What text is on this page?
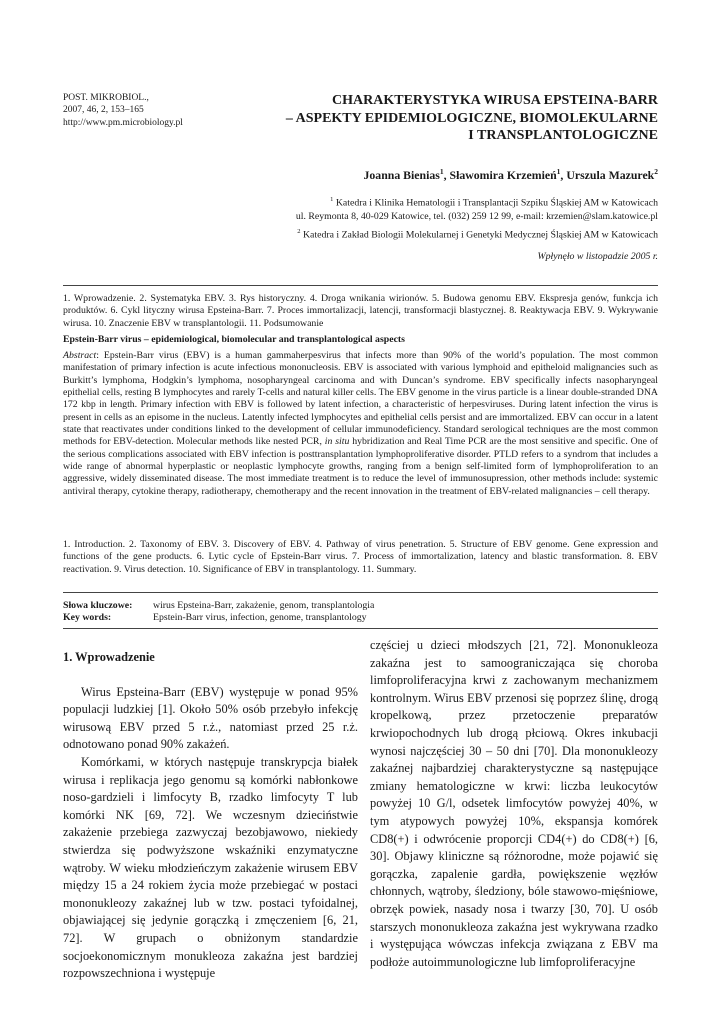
POST. MIKROBIOL.,
2007, 46, 2, 153–165
http://www.pm.microbiology.pl
CHARAKTERYSTYKA WIRUSA EPSTEINA-BARR
– ASPEKTY EPIDEMIOLOGICZNE, BIOMOLEKULARNE
I TRANSPLANTOLOGICZNE
Joanna Bienias$^1$, Sławomira Krzemień$^1$, Urszula Mazurek$^2$
$^1$ Katedra i Klinika Hematologii i Transplantacji Szpiku Śląskiej AM w Katowicach
ul. Reymonta 8, 40-029 Katowice, tel. (032) 259 12 99, e-mail: krzemien@slam.katowice.pl
$^2$ Katedra i Zakład Biologii Molekularnej i Genetyki Medycznej Śląskiej AM w Katowicach
Wpłynęło w listopadzie 2005 r.
1. Wprowadzenie. 2. Systematyka EBV. 3. Rys historyczny. 4. Droga wnikania wirionów. 5. Budowa genomu EBV. Ekspresja genów, funkcja ich produktów. 6. Cykl lityczny wirusa Epsteina-Barr. 7. Proces immortalizacji, latencji, transformacji blastycznej. 8. Reaktywacja EBV. 9. Wykrywanie wirusa. 10. Znaczenie EBV w transplantologii. 11. Podsumowanie
Epstein-Barr virus – epidemiological, biomolecular and transplantological aspects
Abstract: Epstein-Barr virus (EBV) is a human gammaherpesvirus that infects more than 90% of the world’s population. The most common manifestation of primary infection is acute infectious mononucleosis. EBV is associated with various lymphoid and epitheloid malignancies such as Burkitt’s lymphoma, Hodgkin’s lymphoma, nosopharyngeal carcinoma and with Duncan’s syndrome. EBV specifically infects nasopharyngeal epithelial cells, resting B lymphocytes and rarely T-cells and natural killer cells. The EBV genome in the virus particle is a linear double-stranded DNA 172 kbp in length. Primary infection with EBV is followed by latent infection, a characteristic of herpesviruses. During latent infection the virus is present in cells as an episome in the nucleus. Latently infected lymphocytes and epithelial cells persist and are immortalized. EBV can occur in a latent state that reactivates under conditions linked to the development of cellular immunodeficiency. Standard serological techniques are the most common methods for EBV-detection. Molecular methods like nested PCR, in situ hybridization and Real Time PCR are the most sensitive and specific. One of the serious complications associated with EBV infection is posttransplantation lymphoproliferative disorder. PTLD refers to a syndrom that includes a wide range of abnormal hyperplastic or neoplastic lymphocyte growths, ranging from a benign self-limited form of lymphoproliferation to an aggressive, widely disseminated disease. The most immediate treatment is to reduce the level of immunosupression, other methods include: systemic antiviral therapy, cytokine therapy, radiotherapy, chemotherapy and the recent innovation in the treatment of EBV-related malignancies – cell therapy.
1. Introduction. 2. Taxonomy of EBV. 3. Discovery of EBV. 4. Pathway of virus penetration. 5. Structure of EBV genome. Gene expression and functions of the gene products. 6. Lytic cycle of Epstein-Barr virus. 7. Process of immortalization, latency and blastic transformation. 8. EBV reactivation. 9. Virus detection. 10. Significance of EBV in transplantology. 11. Summary.
Słowa kluczowe:	wirus Epsteina-Barr, zakażenie, genom, transplantologia
Key words:	Epstein-Barr virus, infection, genome, transplantology
1. Wprowadzenie

Wirus Epsteina-Barr (EBV) występuje w ponad 95% populacji ludzkiej [1]. Około 50% osób przebyło infekcję wirusową EBV przed 5 r.ż., natomiast przed 25 r.ż. odnotowano ponad 90% zakażeń.

Komórkami, w których następuje transkrypcja białek wirusa i replikacja jego genomu są komórki nabłonkowe noso-gardzieli i limfocyty B, rzadko limfocyty T lub komórki NK [69, 72]. We wczesnym dzieciństwie zakażenie przebiega zazwyczaj bezobjawowo, niekiedy stwierdza się podwyższone wskaźniki enzymatyczne wątroby. W wieku młodzieńczym zakażenie wirusem EBV między 15 a 24 rokiem życia może przebiegać w postaci mononukleozy zakaźnej lub w tzw. postaci tyfoidalnej, objawiającej się jedynie gorączką i zmęczeniem [6, 21, 72]. W grupach o obniżonym standardzie socjoekonomicznym monukleoza zakaźna jest bardziej rozpowszechniona i występuje

częściej u dzieci młodszych [21, 72]. Mononukleoza zakaźna jest to samoograniczająca się choroba limfoproliferacyjna krwi z zachowanym mechanizmem kontrolnym. Wirus EBV przenosi się poprzez ślinę, drogą kropelkową, przez przetoczenie preparatów krwiopochodnych lub drogą płciową. Okres inkubacji wynosi najczęściej 30 – 50 dni [70]. Dla mononukleozy zakaźnej najbardziej charakterystyczne są następujące zmiany hematologiczne w krwi: liczba leukocytów powyżej 10 G/l, odsetek limfocytów powyżej 40%, w tym atypowych powyżej 10%, ekspansja komórek CD8(+) i odwrócenie proporcji CD4(+) do CD8(+) [6, 30]. Objawy kliniczne są różnorodne, może pojawić się gorączka, zapalenie gardła, powiększenie węzłów chłonnych, wątroby, śledziony, bóle stawowo-mięśniowe, obrzęk powiek, nasady nosa i twarzy [30, 70]. U osób starszych mononukleoza zakaźna jest wykrywana rzadko i występująca wówczas infekcja związana z EBV ma podłoże autoimmunologiczne lub limfoproliferacyjne
